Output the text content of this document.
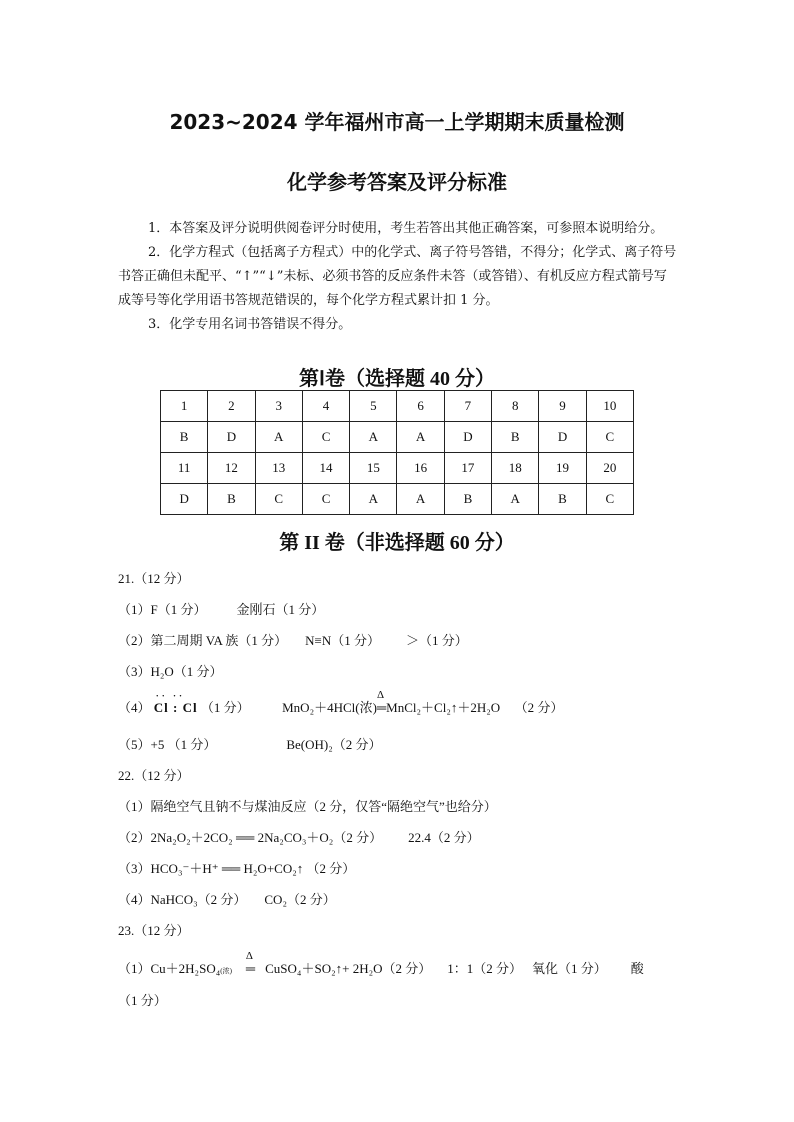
2023~2024 学年福州市高一上学期期末质量检测
化学参考答案及评分标准

1．本答案及评分说明供阅卷评分时使用，考生若答出其他正确答案，可参照本说明给分。

2．化学方程式（包括离子方程式）中的化学式、离子符号答错，不得分；化学式、离子符号书答正确但未配平、“↑”“↓”未标、必须书答的反应条件未答（或答错）、有机反应方程式箭号写成等号等化学用语书答规范错误的，每个化学方程式累计扣 1 分。

3．化学专用名词书答错误不得分。

第Ⅰ卷（选择题 40 分）
1	2	3	4	5	6	7	8	9	10
B	D	A	C	A	A	D	B	D	C
11	12	13	14	15	16	17	18	19	20
D	B	C	C	A	A	B	A	B	C
第 II 卷（非选择题 60 分）
21.（12 分）
（1）F（1 分） 金刚石（1 分）
（2）第二周期 VA 族（1 分） N≡N（1 分） ＞（1 分）
（3）H₂O（1 分）
（4）
·· ··
Cl : Cl （1 分）	MnO₂＋4HCl(浓)
Δ
═MnCl₂＋Cl₂↑＋2H₂O （2 分）
（5）+5 （1 分）	Be(OH)₂（2 分）
22.（12 分）
（1）隔绝空气且钠不与煤油反应（2 分，仅答“隔绝空气”也给分）
（2）2Na₂O₂＋2CO₂ ══ 2Na₂CO₃＋O₂（2 分） 22.4（2 分）
（3）HCO₃⁻＋H⁺ ══ H₂O+CO₂↑ （2 分）
（4）NaHCO₃（2 分） CO₂（2 分）
23.（12 分）
（1）Cu＋2H₂SO₄(浓)
Δ
═ CuSO₄＋SO₂↑+ 2H₂O（2 分） 1：1（2 分） 氧化（1 分） 酸
（1 分）
